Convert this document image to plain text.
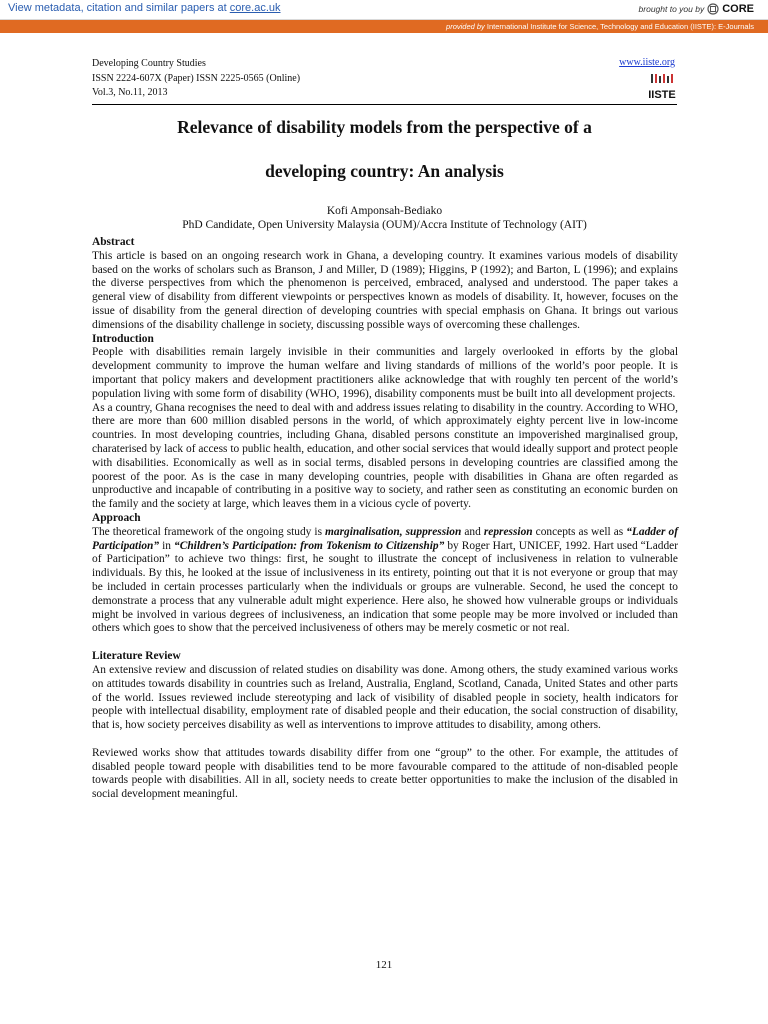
View metadata, citation and similar papers at core.ac.uk	brought to you by CORE
provided by International Institute for Science, Technology and Education (IISTE): E-Journals
Developing Country Studies
ISSN 2224-607X (Paper) ISSN 2225-0565 (Online)
Vol.3, No.11, 2013
www.iiste.org
IISTE
Relevance of disability models from the perspective of a
developing country: An analysis
Kofi Amponsah-Bediako
PhD Candidate, Open University Malaysia (OUM)/Accra Institute of Technology (AIT)

Abstract

This article is based on an ongoing research work in Ghana, a developing country. It examines various models of disability based on the works of scholars such as Branson, J and Miller, D (1989); Higgins, P (1992); and Barton, L (1996); and explains the diverse perspectives from which the phenomenon is perceived, embraced, analysed and understood. The paper takes a general view of disability from different viewpoints or perspectives known as models of disability. It, however, focuses on the issue of disability from the general direction of developing countries with special emphasis on Ghana. It brings out various dimensions of the disability challenge in society, discussing possible ways of overcoming these challenges.

Introduction

People with disabilities remain largely invisible in their communities and largely overlooked in efforts by the global development community to improve the human welfare and living standards of millions of the world’s poor people. It is important that policy makers and development practitioners alike acknowledge that with roughly ten percent of the world’s population living with some form of disability (WHO, 1996), disability components must be built into all development projects.

As a country, Ghana recognises the need to deal with and address issues relating to disability in the country. According to WHO, there are more than 600 million disabled persons in the world, of which approximately eighty percent live in low-income countries. In most developing countries, including Ghana, disabled persons constitute an impoverished marginalised group, charaterised by lack of access to public health, education, and other social services that would ideally support and protect people with disabilities. Economically as well as in social terms, disabled persons in developing countries are classified among the poorest of the poor. As is the case in many developing countries, people with disabilities in Ghana are often regarded as unproductive and incapable of contributing in a positive way to society, and rather seen as constituting an economic burden on the family and the society at large, which leaves them in a vicious cycle of poverty.

Approach

The theoretical framework of the ongoing study is marginalisation, suppression and repression concepts as well as “Ladder of Participation” in “Children’s Participation: from Tokenism to Citizenship” by Roger Hart, UNICEF, 1992. Hart used “Ladder of Participation” to achieve two things: first, he sought to illustrate the concept of inclusiveness in relation to vulnerable individuals. By this, he looked at the issue of inclusiveness in its entirety, pointing out that it is not everyone or group that may be included in certain processes particularly when the individuals or groups are vulnerable. Second, he used the concept to demonstrate a process that any vulnerable adult might experience. Here also, he showed how vulnerable groups or individuals might be involved in various degrees of inclusiveness, an indication that some people may be more involved or included than others which goes to show that the perceived inclusiveness of others may be merely cosmetic or not real.

Literature Review

An extensive review and discussion of related studies on disability was done. Among others, the study examined various works on attitudes towards disability in countries such as Ireland, Australia, England, Scotland, Canada, United States and other parts of the world. Issues reviewed include stereotyping and lack of visibility of disabled people in society, health indicators for people with intellectual disability, employment rate of disabled people and their education, the social construction of disability, that is, how society perceives disability as well as interventions to improve attitudes to disability, among others.

Reviewed works show that attitudes towards disability differ from one “group” to the other. For example, the attitudes of disabled people toward people with disabilities tend to be more favourable compared to the attitude of non-disabled people towards people with disabilities. All in all, society needs to create better opportunities to make the inclusion of the disabled in social development meaningful.

121
